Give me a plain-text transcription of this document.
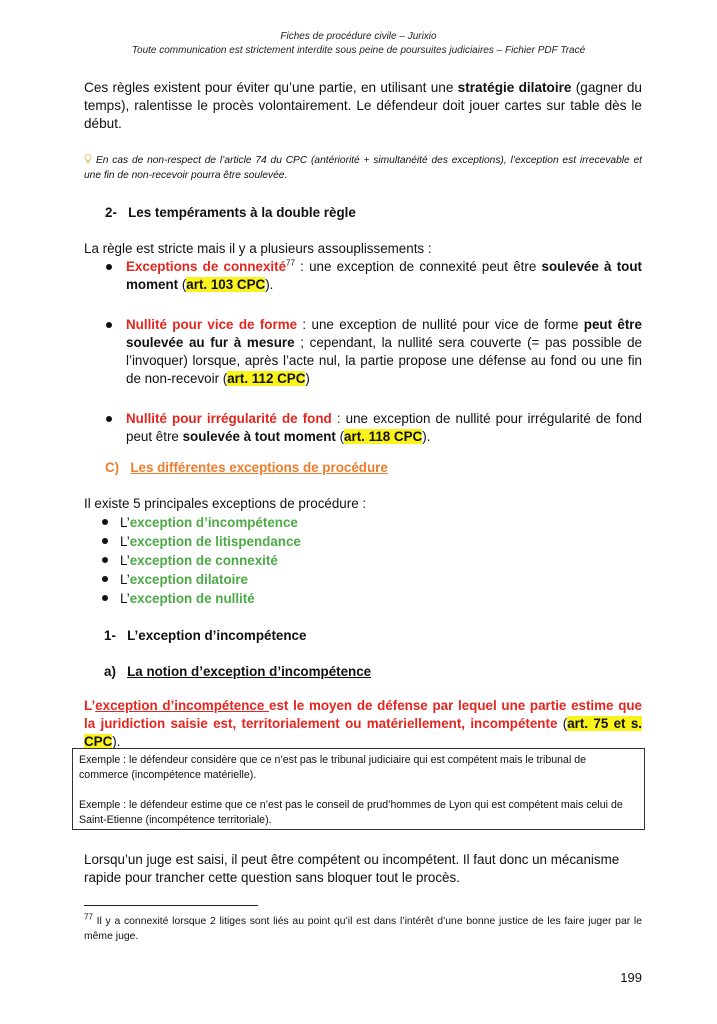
Fiches de procédure civile – Jurixio
Toute communication est strictement interdite sous peine de poursuites judiciaires – Fichier PDF Tracé
Ces règles existent pour éviter qu’une partie, en utilisant une stratégie dilatoire (gagner du temps), ralentisse le procès volontairement. Le défendeur doit jouer cartes sur table dès le début.
En cas de non-respect de l’article 74 du CPC (antériorité + simultanéité des exceptions), l’exception est irrecevable et une fin de non-recevoir pourra être soulevée.
2- Les tempéraments à la double règle
La règle est stricte mais il y a plusieurs assouplissements :
Exceptions de connexité$^{77}$ : une exception de connexité peut être soulevée à tout moment (art. 103 CPC).
Nullité pour vice de forme : une exception de nullité pour vice de forme peut être soulevée au fur à mesure ; cependant, la nullité sera couverte (= pas possible de l’invoquer) lorsque, après l’acte nul, la partie propose une défense au fond ou une fin de non-recevoir (art. 112 CPC)
Nullité pour irrégularité de fond : une exception de nullité pour irrégularité de fond peut être soulevée à tout moment (art. 118 CPC).
C) Les différentes exceptions de procédure
Il existe 5 principales exceptions de procédure :
L’exception d’incompétence
L’exception de litispendance
L’exception de connexité
L’exception dilatoire
L’exception de nullité
1- L’exception d’incompétence
a) La notion d’exception d’incompétence
L’exception d’incompétence est le moyen de défense par lequel une partie estime que la juridiction saisie est, territorialement ou matériellement, incompétente (art. 75 et s. CPC).

Exemple : le défendeur considère que ce n’est pas le tribunal judiciaire qui est compétent mais le tribunal de commerce (incompétence matérielle).

Exemple : le défendeur estime que ce n’est pas le conseil de prud’hommes de Lyon qui est compétent mais celui de Saint-Etienne (incompétence territoriale).

Lorsqu’un juge est saisi, il peut être compétent ou incompétent. Il faut donc un mécanisme rapide pour trancher cette question sans bloquer tout le procès.
$^{77}$ Il y a connexité lorsque 2 litiges sont liés au point qu’il est dans l’intérêt d’une bonne justice de les faire juger par le même juge.
199
